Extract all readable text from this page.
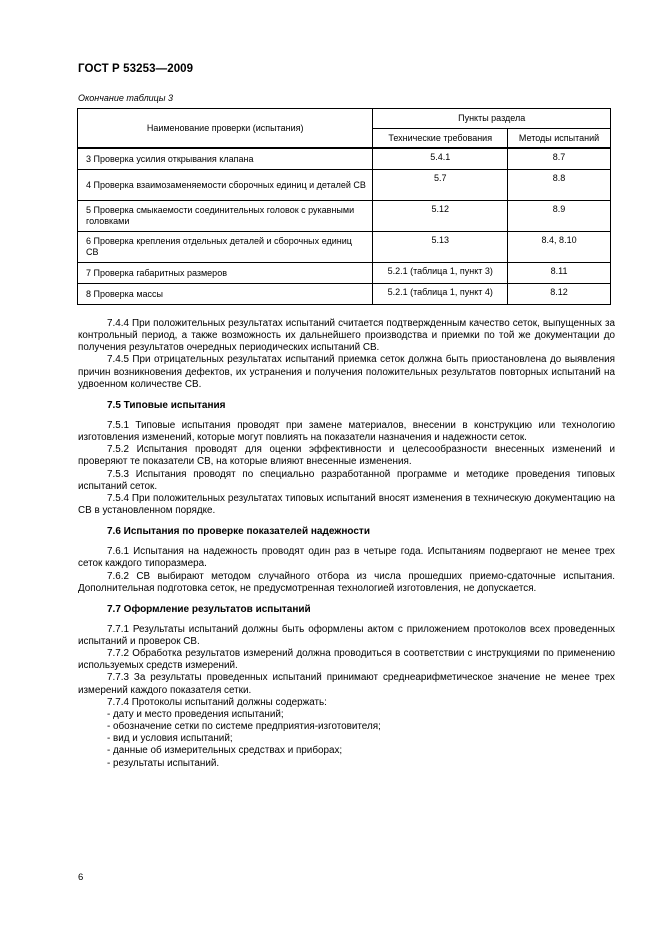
ГОСТ Р 53253—2009
Окончание таблицы 3
Наименование проверки (испытания)	Пункты раздела	
	Технические требования	Методы испытаний
3 Проверка усилия открывания клапана	5.4.1	8.7
4 Проверка взаимозаменяемости сборочных единиц и деталей СВ	5.7	8.8
5 Проверка смыкаемости соединительных головок с рукавными головками	5.12	8.9
6 Проверка крепления отдельных деталей и сборочных единиц СВ	5.13	8.4, 8.10
7 Проверка габаритных размеров	5.2.1 (таблица 1, пункт 3)	8.11
8 Проверка массы	5.2.1 (таблица 1, пункт 4)	8.12

7.4.4 При положительных результатах испытаний считается подтвержденным качество сеток, выпущенных за контрольный период, а также возможность их дальнейшего производства и приемки по той же документации до получения результатов очередных периодических испытаний СВ.

7.4.5 При отрицательных результатах испытаний приемка сеток должна быть приостановлена до выявления причин возникновения дефектов, их устранения и получения положительных результатов повторных испытаний на удвоенном количестве СВ.

7.5 Типовые испытания

7.5.1 Типовые испытания проводят при замене материалов, внесении в конструкцию или технологию изготовления изменений, которые могут повлиять на показатели назначения и надежности сеток.

7.5.2 Испытания проводят для оценки эффективности и целесообразности внесенных изменений и проверяют те показатели СВ, на которые влияют внесенные изменения.

7.5.3 Испытания проводят по специально разработанной программе и методике проведения типовых испытаний сеток.

7.5.4 При положительных результатах типовых испытаний вносят изменения в техническую документацию на СВ в установленном порядке.

7.6 Испытания по проверке показателей надежности

7.6.1 Испытания на надежность проводят один раз в четыре года. Испытаниям подвергают не менее трех сеток каждого типоразмера.

7.6.2 СВ выбирают методом случайного отбора из числа прошедших приемо-сдаточные испытания. Дополнительная подготовка сеток, не предусмотренная технологией изготовления, не допускается.

7.7 Оформление результатов испытаний

7.7.1 Результаты испытаний должны быть оформлены актом с приложением протоколов всех проведенных испытаний и проверок СВ.

7.7.2 Обработка результатов измерений должна проводиться в соответствии с инструкциями по применению используемых средств измерений.

7.7.3 За результаты проведенных испытаний принимают среднеарифметическое значение не менее трех измерений каждого показателя сетки.

7.7.4 Протоколы испытаний должны содержать:

- дату и место проведения испытаний;

- обозначение сетки по системе предприятия-изготовителя;

- вид и условия испытаний;

- данные об измерительных средствах и приборах;

- результаты испытаний.

6
